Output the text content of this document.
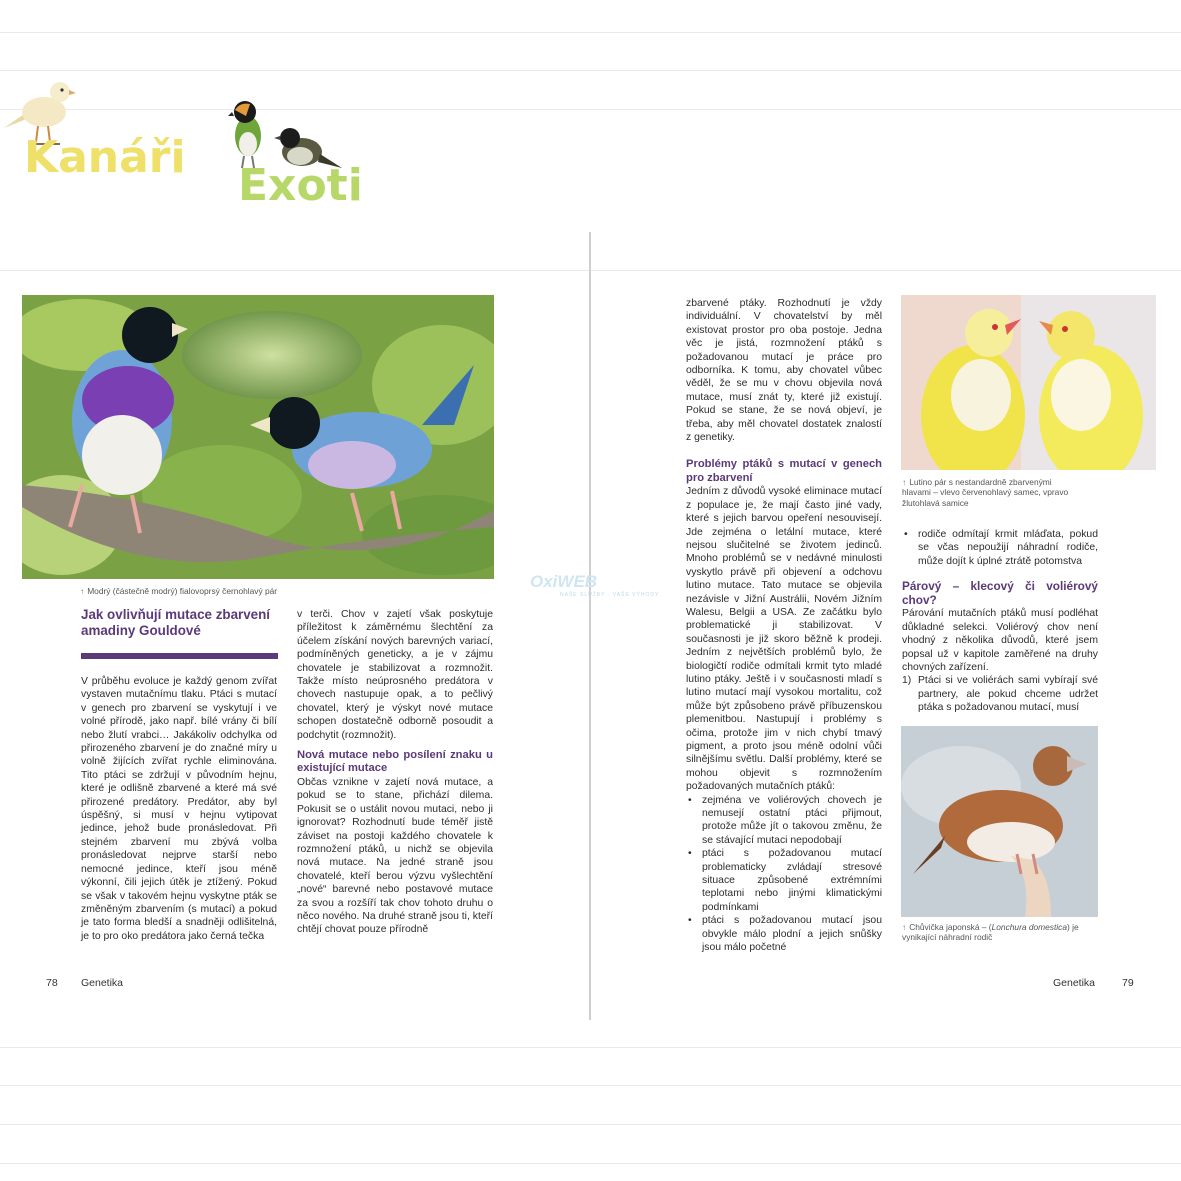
Kanáři
Exoti
↑ Modrý (částečně modrý) fialovoprsý černohlavý pár
Jak ovlivňují mutace zbarvení amadiny Gouldové

V průběhu evoluce je každý genom zvířat vystaven mutačnímu tlaku. Ptáci s mutací v genech pro zbarvení se vyskytují i ve volné přírodě, jako např. bílé vrány či bílí nebo žlutí vrabci… Jakákoliv odchylka od přirozeného zbarvení je do značné míry u volně žijících zvířat rychle eliminována. Tito ptáci se zdržují v původním hejnu, které je odlišně zbarvené a které má své přirozené predátory. Predátor, aby byl úspěšný, si musí v hejnu vytipovat jedince, jehož bude pronásledovat. Při stejném zbarvení mu zbývá volba pronásledovat nejprve starší nebo nemocné jedince, kteří jsou méně výkonní, čili jejich útěk je ztížený. Pokud se však v takovém hejnu vyskytne pták se změněným zbarvením (s mutací) a pokud je tato forma bledší a snadněji odlišitelná, je to pro oko predátora jako černá tečka

v terči. Chov v zajetí však poskytuje příležitost k záměrnému šlechtění za účelem získání nových barevných variací, podmíněných geneticky, a je v zájmu chovatele je stabilizovat a rozmnožit. Takže místo neúprosného predátora v chovech nastupuje opak, a to pečlivý chovatel, který je výskyt nové mutace schopen dostatečně odborně posoudit a podchytit (rozmnožit).

Nová mutace nebo posílení znaku u existující mutace

Občas vznikne v zajetí nová mutace, a pokud se to stane, přichází dilema. Pokusit se o ustálit novou mutaci, nebo ji ignorovat? Rozhodnutí bude téměř jistě záviset na postoji každého chovatele k rozmnožení ptáků, u nichž se objevila nová mutace. Na jedné straně jsou chovatelé, kteří berou výzvu vyšlechtění „nové“ barevné nebo postavové mutace za svou a rozšíří tak chov tohoto druhu o něco nového. Na druhé straně jsou ti, kteří chtějí chovat pouze přírodně

78 Genetika
OxiWEB
NAŠE SLUŽBY · VAŠE VÝHODY

zbarvené ptáky. Rozhodnutí je vždy individuální. V chovatelství by měl existovat prostor pro oba postoje. Jedna věc je jistá, rozmnožení ptáků s požadovanou mutací je práce pro odborníka. K tomu, aby chovatel vůbec věděl, že se mu v chovu objevila nová mutace, musí znát ty, které již existují. Pokud se stane, že se nová objeví, je třeba, aby měl chovatel dostatek znalostí z genetiky.

Problémy ptáků s mutací v genech pro zbarvení

Jedním z důvodů vysoké eliminace mutací z populace je, že mají často jiné vady, které s jejich barvou opeření nesouvisejí. Jde zejména o letální mutace, které nejsou slučitelné se životem jedinců. Mnoho problémů se v nedávné minulosti vyskytlo právě při objevení a odchovu lutino mutace. Tato mutace se objevila nezávisle v Jižní Austrálii, Novém Jižním Walesu, Belgii a USA. Ze začátku bylo problematické ji stabilizovat. V současnosti je již skoro běžně k prodeji. Jedním z největších problémů bylo, že biologičtí rodiče odmítali krmit tyto mladé lutino ptáky. Ještě i v současnosti mladí s lutino mutací mají vysokou mortalitu, což může být způsobeno právě příbuzenskou plemenitbou. Nastupují i problémy s očima, protože jim v nich chybí tmavý pigment, a proto jsou méně odolní vůči silnějšímu světlu. Další problémy, které se mohou objevit s rozmnožením požadovaných mutačních ptáků:

• zejména ve voliérových chovech je nemusejí ostatní ptáci přijmout, protože může jít o takovou změnu, že se stávající mutaci nepodobají
• ptáci s požadovanou mutací problematicky zvládají stresové situace způsobené extrémními teplotami nebo jinými klimatickými podmínkami
• ptáci s požadovanou mutací jsou obvykle málo plodní a jejich snůšky jsou málo početné
↑ Lutino pár s nestandardně zbarvenými hlavami – vlevo červenohlavý samec, vpravo žlutohlavá samice
• rodiče odmítají krmit mláďata, pokud se včas nepoužijí náhradní rodiče, může dojít k úplné ztrátě potomstva

Párový – klecový či voliérový chov?

Párování mutačních ptáků musí podléhat důkladné selekci. Voliérový chov není vhodný z několika důvodů, které jsem popsal už v kapitole zaměřené na druhy chovných zařízení.

1) Ptáci si ve voliérách sami vybírají své partnery, ale pokud chceme udržet ptáka s požadovanou mutací, musí
↑ Chůvička japonská – (Lonchura domestica) je vynikající náhradní rodič
Genetika	79
